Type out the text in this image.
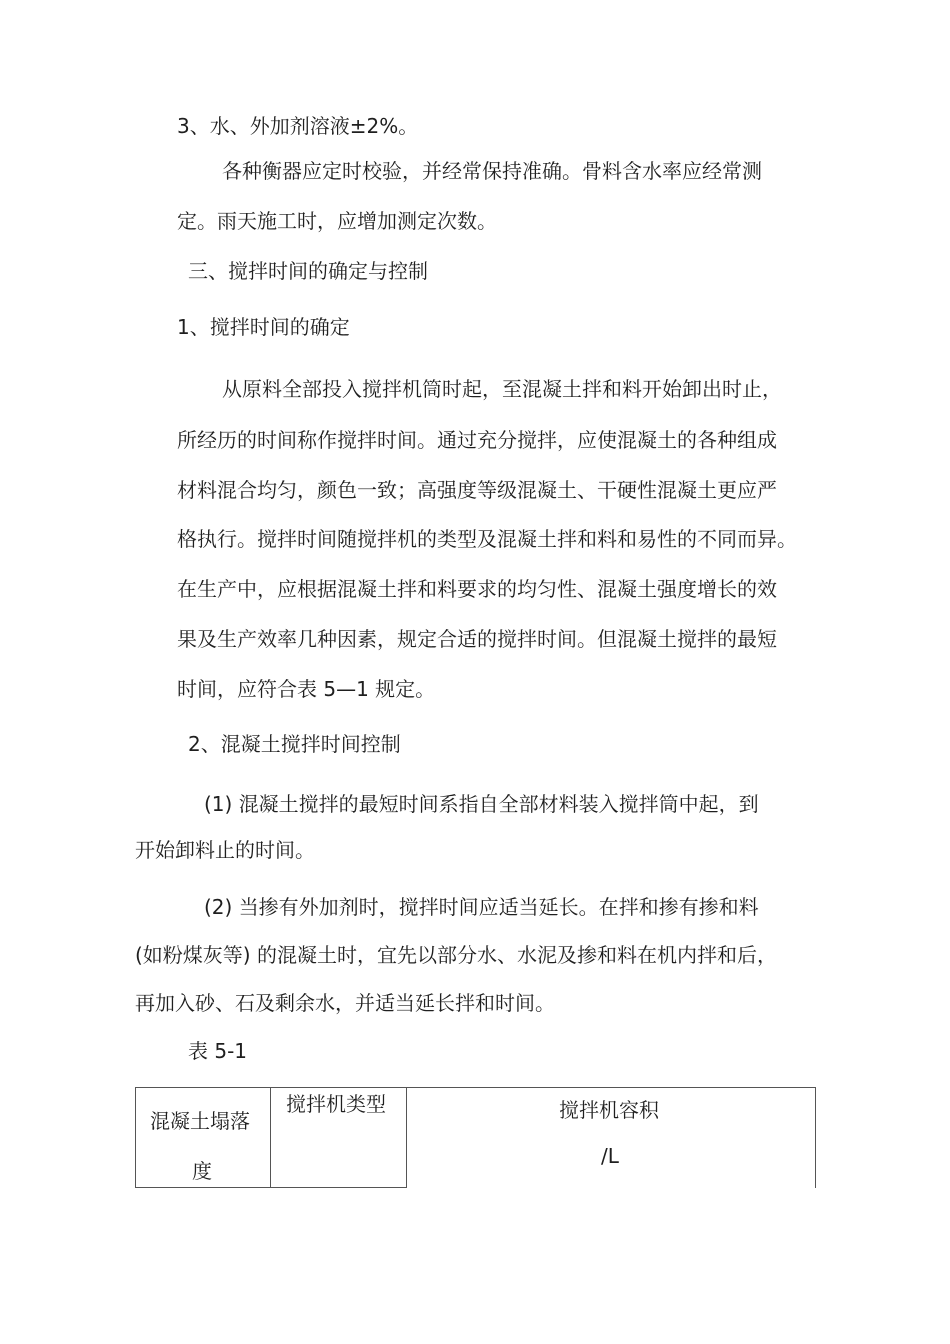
3、水、外加剂溶液±2%。
各种衡器应定时校验，并经常保持准确。骨料含水率应经常测
定。雨天施工时，应增加测定次数。
三、搅拌时间的确定与控制
1、搅拌时间的确定
从原料全部投入搅拌机筒时起，至混凝土拌和料开始卸出时止，
所经历的时间称作搅拌时间。通过充分搅拌，应使混凝土的各种组成
材料混合均匀，颜色一致；高强度等级混凝土、干硬性混凝土更应严
格执行。搅拌时间随搅拌机的类型及混凝土拌和料和易性的不同而异。
在生产中，应根据混凝土拌和料要求的均匀性、混凝土强度增长的效
果及生产效率几种因素，规定合适的搅拌时间。但混凝土搅拌的最短
时间，应符合表 5—1 规定。
2、混凝土搅拌时间控制
(1) 混凝土搅拌的最短时间系指自全部材料装入搅拌筒中起，到
开始卸料止的时间。
(2) 当掺有外加剂时，搅拌时间应适当延长。在拌和掺有掺和料
(如粉煤灰等) 的混凝土时，宜先以部分水、水泥及掺和料在机内拌和后，
再加入砂、石及剩余水，并适当延长拌和时间。
表 5-1
混凝土塌落
度
搅拌机类型	搅拌机容积
/L
